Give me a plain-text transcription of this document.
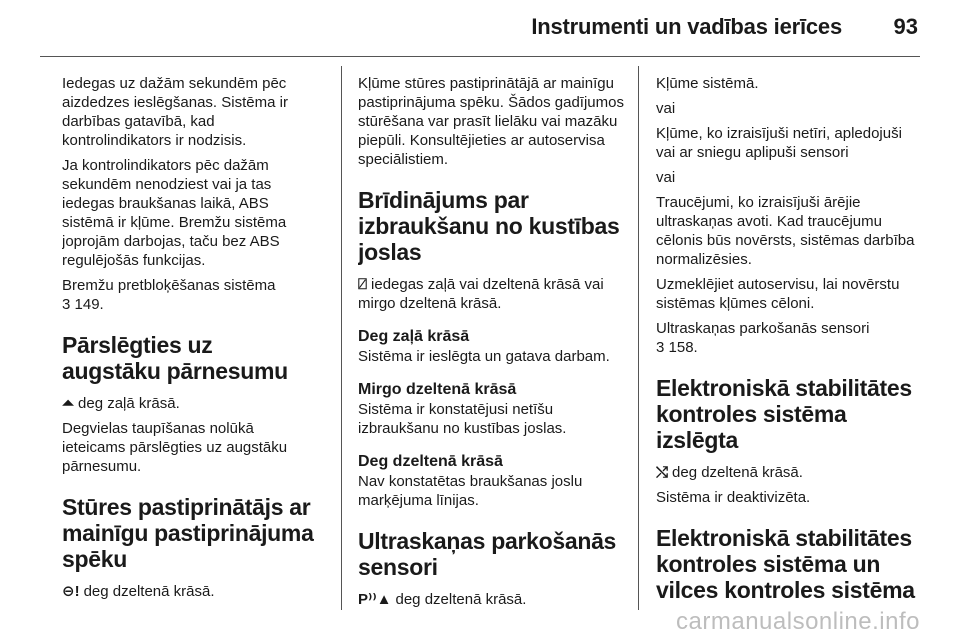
Instrumenti un vadības ierīces 93

Iedegas uz dažām sekundēm pēc aizdedzes ieslēgšanas. Sistēma ir darbības gatavībā, kad kontrolindikators ir nodzisis.

Ja kontrolindikators pēc dažām sekundēm nenodziest vai ja tas iedegas braukšanas laikā, ABS sistēmā ir kļūme. Bremžu sistēma joprojām darbojas, taču bez ABS regulējošās funkcijas.

Bremžu pretbloķēšanas sistēma
3 149.

Pārslēgties uz augstāku pārnesumu

⏶ deg zaļā krāsā.

Degvielas taupīšanas nolūkā ieteicams pārslēgties uz augstāku pārnesumu.

Stūres pastiprinātājs ar mainīgu pastiprinājuma spēku

⊖! deg dzeltenā krāsā.

Kļūme stūres pastiprinātājā ar mainīgu pastiprinājuma spēku. Šādos gadījumos stūrēšana var prasīt lielāku vai mazāku piepūli. Konsultējieties ar autoservisa speciālistiem.

Brīdinājums par izbraukšanu no kustības joslas

⍁ iedegas zaļā vai dzeltenā krāsā vai mirgo dzeltenā krāsā.

Deg zaļā krāsā

Sistēma ir ieslēgta un gatava darbam.

Mirgo dzeltenā krāsā

Sistēma ir konstatējusi netīšu izbraukšanu no kustības joslas.

Deg dzeltenā krāsā

Nav konstatētas braukšanas joslu marķējuma līnijas.

Ultraskaņas parkošanās sensori

P⁾⁾▲ deg dzeltenā krāsā.

Kļūme sistēmā.

vai

Kļūme, ko izraisījuši netīri, apledojuši vai ar sniegu aplipuši sensori

vai

Traucējumi, ko izraisījuši ārējie ultraskaņas avoti. Kad traucējumu cēlonis būs novērsts, sistēmas darbība normalizēsies.

Uzmeklējiet autoservisu, lai novērstu sistēmas kļūmes cēloni.

Ultraskaņas parkošanās sensori
3 158.

Elektroniskā stabilitātes kontroles sistēma izslēgta

⤭ deg dzeltenā krāsā.

Sistēma ir deaktivizēta.

Elektroniskā stabilitātes kontroles sistēma un vilces kontroles sistēma

carmanualsonline.info
